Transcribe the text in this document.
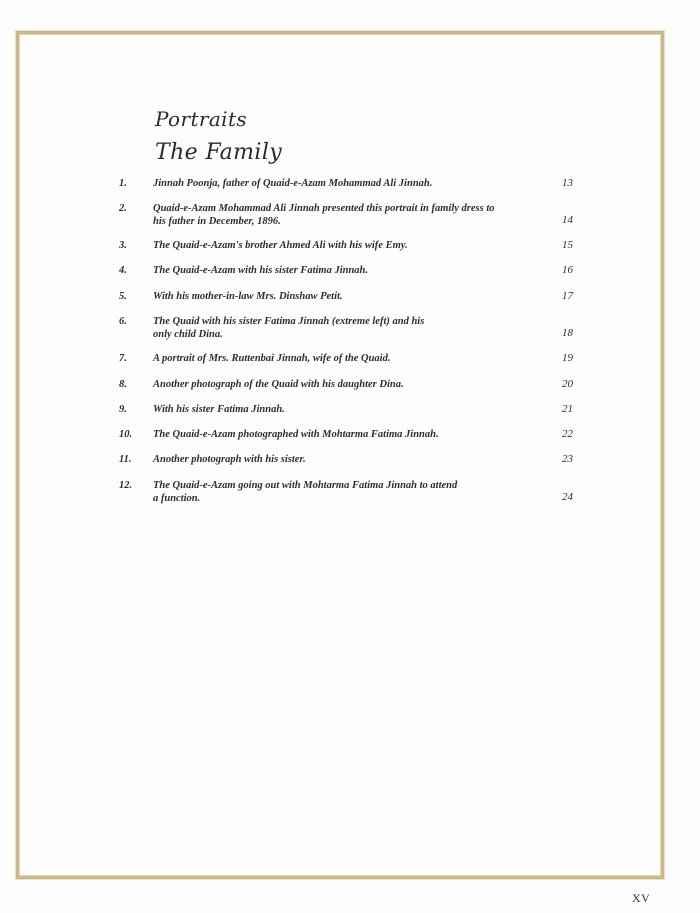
Portraits
The Family
1.	Jinnah Poonja, father of Quaid-e-Azam Mohammad Ali Jinnah.	13
2.	Quaid-e-Azam Mohammad Ali Jinnah presented this portrait in family dress to his father in December, 1896.	14
3.	The Quaid-e-Azam's brother Ahmed Ali with his wife Emy.	15
4.	The Quaid-e-Azam with his sister Fatima Jinnah.	16
5.	With his mother-in-law Mrs. Dinshaw Petit.	17
6.	The Quaid with his sister Fatima Jinnah (extreme left) and his only child Dina.	18
7.	A portrait of Mrs. Ruttenbai Jinnah, wife of the Quaid.	19
8.	Another photograph of the Quaid with his daughter Dina.	20
9.	With his sister Fatima Jinnah.	21
10.	The Quaid-e-Azam photographed with Mohtarma Fatima Jinnah.	22
11.	Another photograph with his sister.	23
12.	The Quaid-e-Azam going out with Mohtarma Fatima Jinnah to attend a function.	24
XV
